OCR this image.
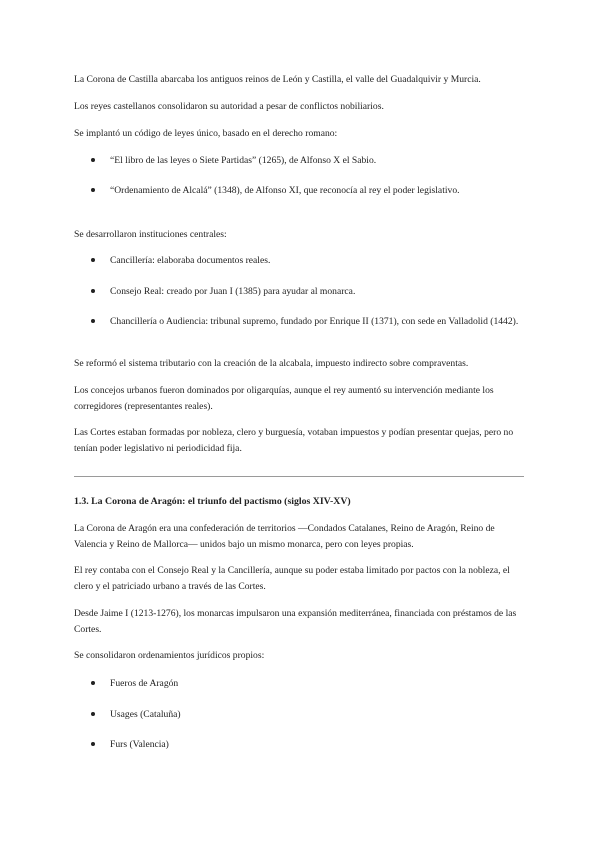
La Corona de Castilla abarcaba los antiguos reinos de León y Castilla, el valle del Guadalquivir y Murcia.

Los reyes castellanos consolidaron su autoridad a pesar de conflictos nobiliarios.

Se implantó un código de leyes único, basado en el derecho romano:

“El libro de las leyes o Siete Partidas” (1265), de Alfonso X el Sabio.
“Ordenamiento de Alcalá” (1348), de Alfonso XI, que reconocía al rey el poder legislativo.

Se desarrollaron instituciones centrales:

Cancillería: elaboraba documentos reales.
Consejo Real: creado por Juan I (1385) para ayudar al monarca.
Chancillería o Audiencia: tribunal supremo, fundado por Enrique II (1371), con sede en Valladolid (1442).

Se reformó el sistema tributario con la creación de la alcabala, impuesto indirecto sobre compraventas.

Los concejos urbanos fueron dominados por oligarquías, aunque el rey aumentó su intervención mediante los corregidores (representantes reales).

Las Cortes estaban formadas por nobleza, clero y burguesía, votaban impuestos y podían presentar quejas, pero no tenían poder legislativo ni periodicidad fija.

1.3. La Corona de Aragón: el triunfo del pactismo (siglos XIV-XV)

La Corona de Aragón era una confederación de territorios —Condados Catalanes, Reino de Aragón, Reino de Valencia y Reino de Mallorca— unidos bajo un mismo monarca, pero con leyes propias.

El rey contaba con el Consejo Real y la Cancillería, aunque su poder estaba limitado por pactos con la nobleza, el clero y el patriciado urbano a través de las Cortes.

Desde Jaime I (1213-1276), los monarcas impulsaron una expansión mediterránea, financiada con préstamos de las Cortes.

Se consolidaron ordenamientos jurídicos propios:

Fueros de Aragón
Usages (Cataluña)
Furs (Valencia)
